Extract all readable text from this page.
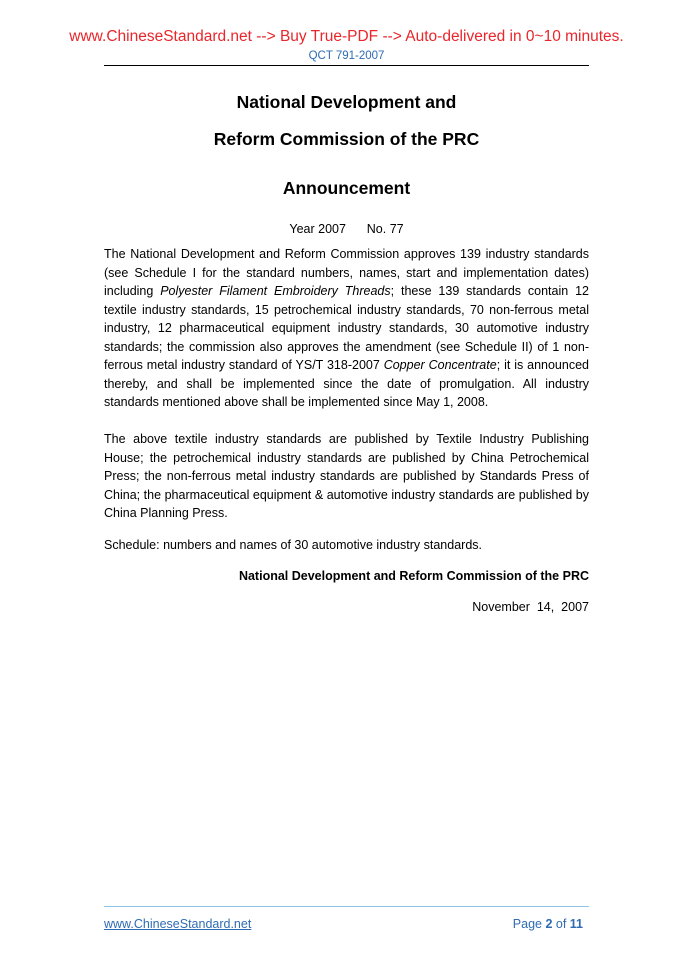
www.ChineseStandard.net --> Buy True-PDF --> Auto-delivered in 0~10 minutes.
QCT 791-2007
National Development and
Reform Commission of the PRC
Announcement
Year 2007      No. 77

The National Development and Reform Commission approves 139 industry standards (see Schedule I for the standard numbers, names, start and implementation dates) including Polyester Filament Embroidery Threads; these 139 standards contain 12 textile industry standards, 15 petrochemical industry standards, 70 non-ferrous metal industry, 12 pharmaceutical equipment industry standards, 30 automotive industry standards; the commission also approves the amendment (see Schedule II) of 1 non-ferrous metal industry standard of YS/T 318-2007 Copper Concentrate; it is announced thereby, and shall be implemented since the date of promulgation. All industry standards mentioned above shall be implemented since May 1, 2008.

The above textile industry standards are published by Textile Industry Publishing House; the petrochemical industry standards are published by China Petrochemical Press; the non-ferrous metal industry standards are published by Standards Press of China; the pharmaceutical equipment & automotive industry standards are published by China Planning Press.

Schedule: numbers and names of 30 automotive industry standards.

National Development and Reform Commission of the PRC
November  14,  2007
www.ChineseStandard.net	Page 2 of 11
